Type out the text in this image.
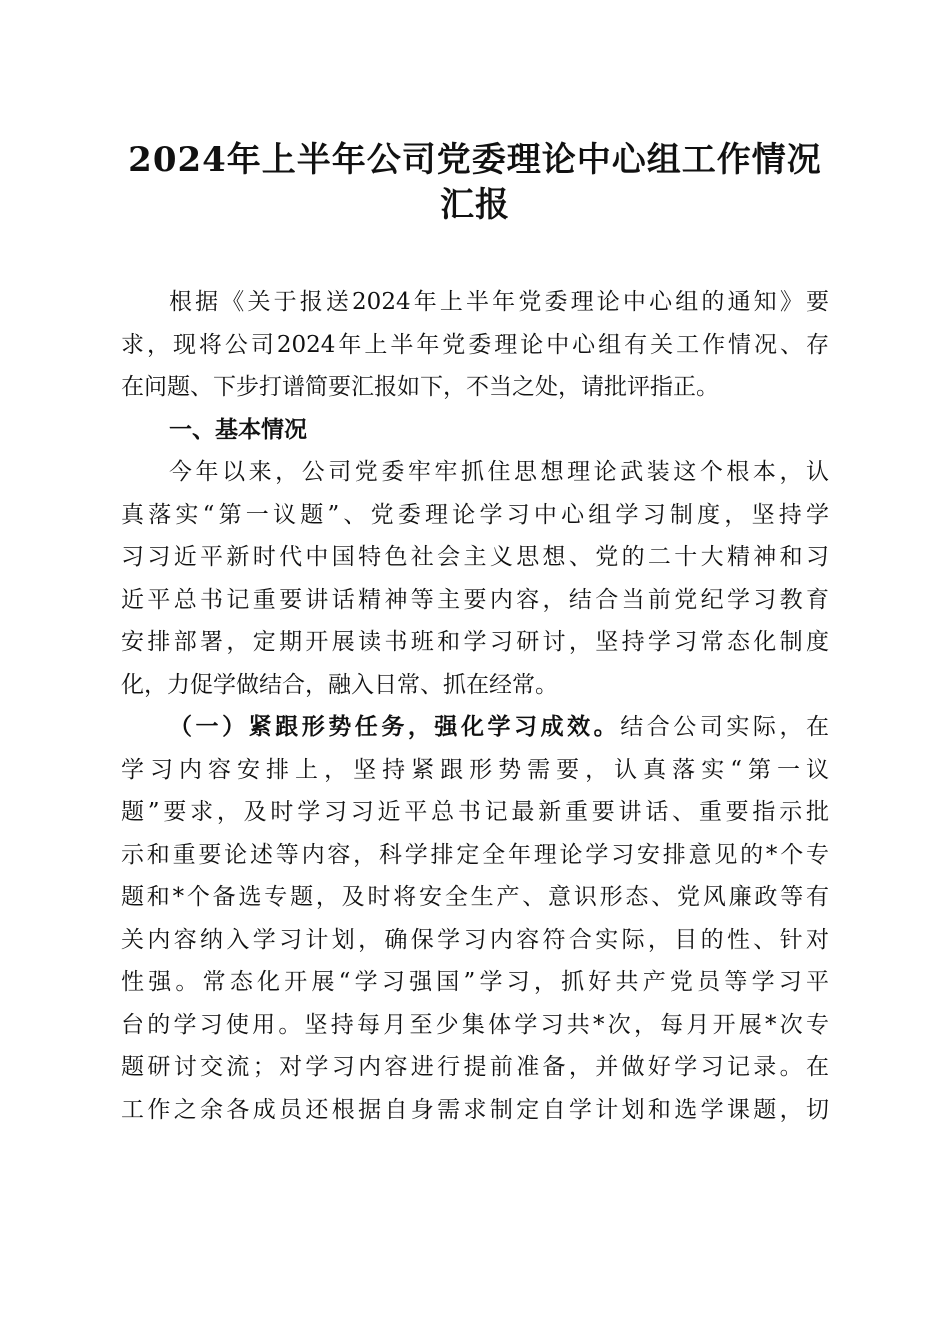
2024年上半年公司党委理论中心组工作情况
汇报
根据《关于报送2024年上半年党委理论中心组的通知》要
求，现将公司2024年上半年党委理论中心组有关工作情况、存
在问题、下步打谱简要汇报如下，不当之处，请批评指正。
一、基本情况
今年以来，公司党委牢牢抓住思想理论武装这个根本，认
真落实“第一议题”、党委理论学习中心组学习制度，坚持学
习习近平新时代中国特色社会主义思想、党的二十大精神和习
近平总书记重要讲话精神等主要内容，结合当前党纪学习教育
安排部署，定期开展读书班和学习研讨，坚持学习常态化制度
化，力促学做结合，融入日常、抓在经常。
（一）紧跟形势任务，强化学习成效。结合公司实际，在
学习内容安排上，坚持紧跟形势需要，认真落实“第一议
题”要求，及时学习习近平总书记最新重要讲话、重要指示批
示和重要论述等内容，科学排定全年理论学习安排意见的*个专
题和*个备选专题，及时将安全生产、意识形态、党风廉政等有
关内容纳入学习计划，确保学习内容符合实际，目的性、针对
性强。常态化开展“学习强国”学习，抓好共产党员等学习平
台的学习使用。坚持每月至少集体学习共*次，每月开展*次专
题研讨交流；对学习内容进行提前准备，并做好学习记录。在
工作之余各成员还根据自身需求制定自学计划和选学课题，切
